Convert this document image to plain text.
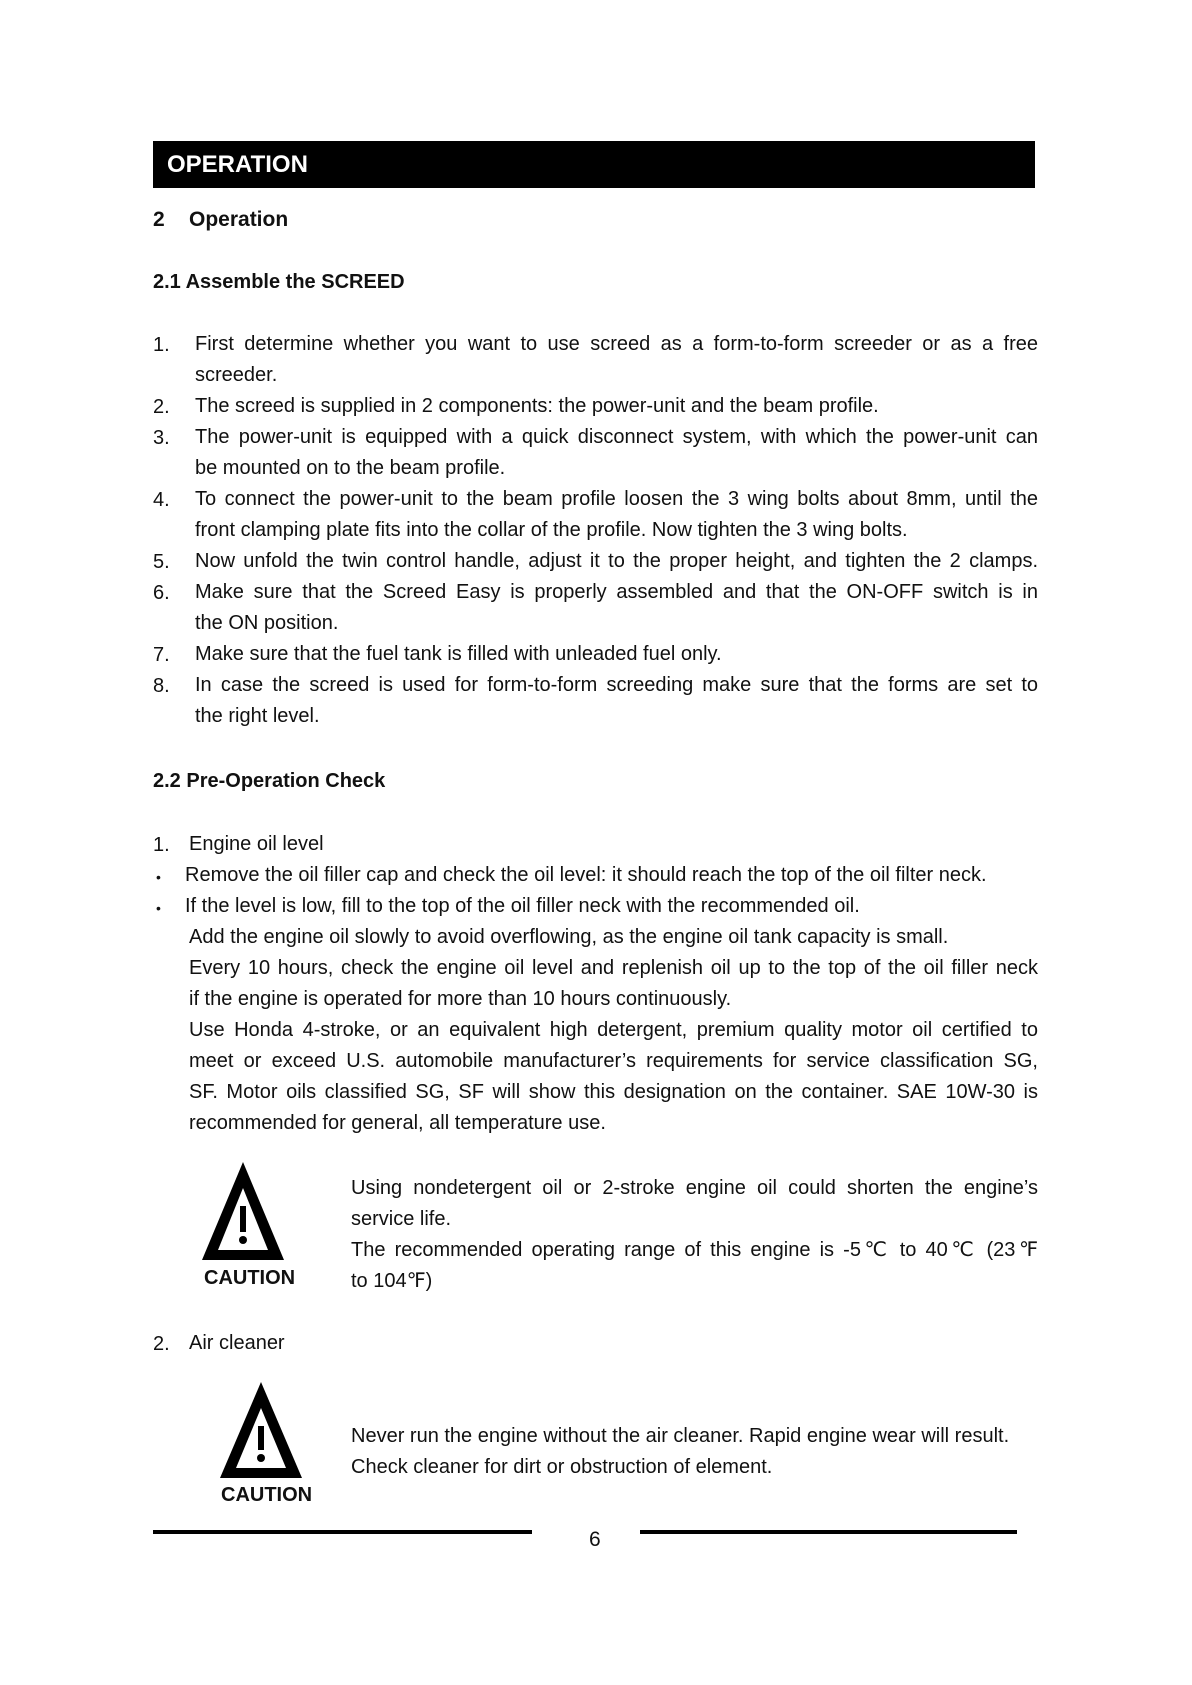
OPERATION
2 Operation
2.1 Assemble the SCREED
1. First determine whether you want to use screed as a form-to-form screeder or as a free
screeder.
2. The screed is supplied in 2 components: the power-unit and the beam profile.
3. The power-unit is equipped with a quick disconnect system, with which the power-unit can
be mounted on to the beam profile.
4. To connect the power-unit to the beam profile loosen the 3 wing bolts about 8mm, until the
front clamping plate fits into the collar of the profile. Now tighten the 3 wing bolts.
5. Now unfold the twin control handle, adjust it to the proper height, and tighten the 2 clamps.
6. Make sure that the Screed Easy is properly assembled and that the ON-OFF switch is in
the ON position.
7. Make sure that the fuel tank is filled with unleaded fuel only.
8. In case the screed is used for form-to-form screeding make sure that the forms are set to
the right level.
2.2 Pre-Operation Check
1. Engine oil level
• Remove the oil filler cap and check the oil level: it should reach the top of the oil filter neck.
• If the level is low, fill to the top of the oil filler neck with the recommended oil.
Add the engine oil slowly to avoid overflowing, as the engine oil tank capacity is small.
Every 10 hours, check the engine oil level and replenish oil up to the top of the oil filler neck
if the engine is operated for more than 10 hours continuously.
Use Honda 4-stroke, or an equivalent high detergent, premium quality motor oil certified to
meet or exceed U.S. automobile manufacturer’s requirements for service classification SG,
SF. Motor oils classified SG, SF will show this designation on the container. SAE 10W-30 is
recommended for general, all temperature use.
CAUTION
Using nondetergent oil or 2-stroke engine oil could shorten the engine’s
service life.
The recommended operating range of this engine is -5℃ to 40℃ (23℉
to 104℉)
2. Air cleaner
CAUTION
Never run the engine without the air cleaner. Rapid engine wear will result.
Check cleaner for dirt or obstruction of element.
6
